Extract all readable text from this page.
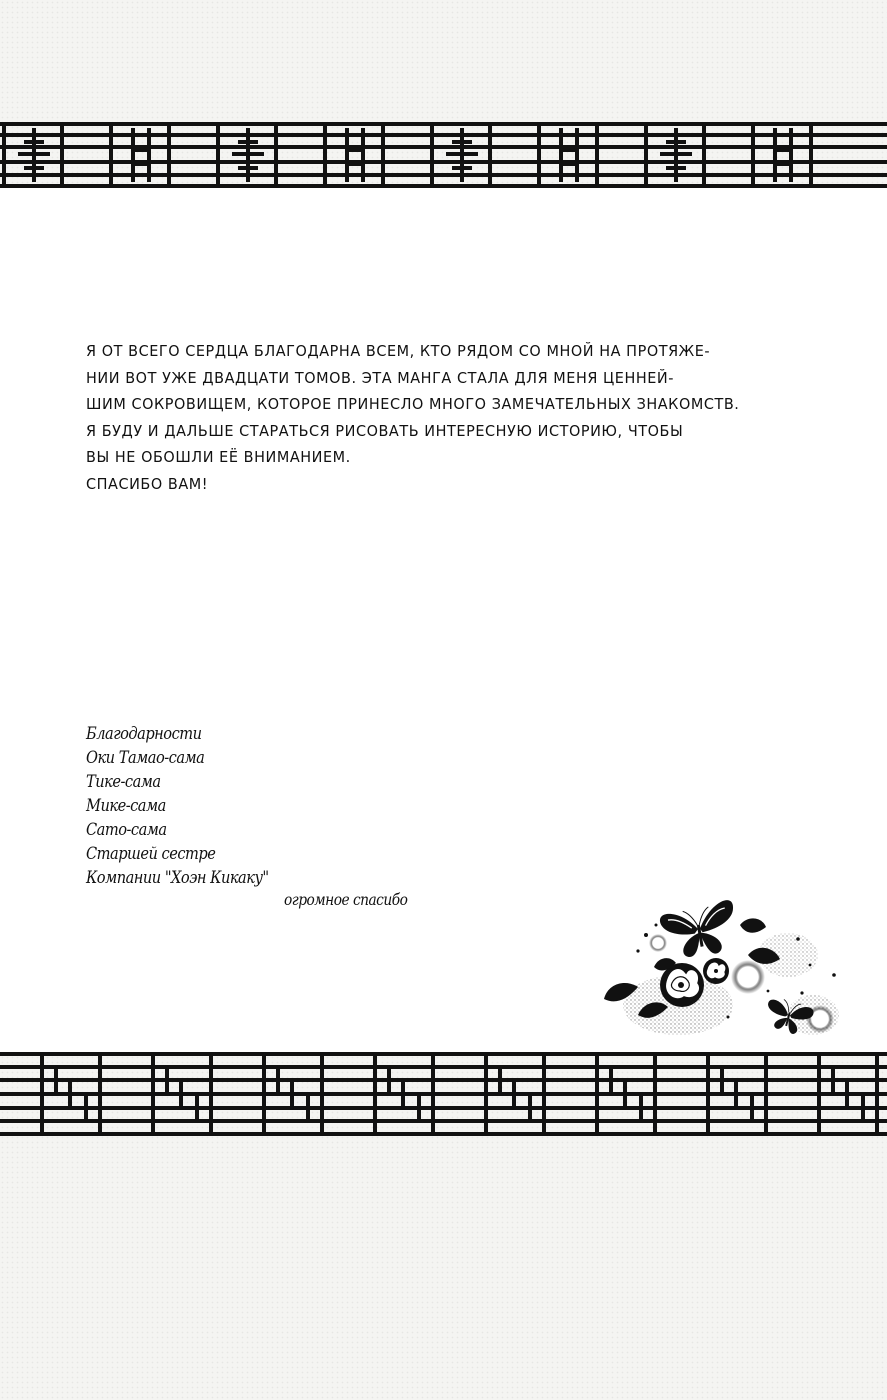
Я ОТ ВСЕГО СЕРДЦА БЛАГОДАРНА ВСЕМ, КТО РЯДОМ СО МНОЙ НА ПРОТЯЖЕ-
НИИ ВОТ УЖЕ ДВАДЦАТИ ТОМОВ. ЭТА МАНГА СТАЛА ДЛЯ МЕНЯ ЦЕННЕЙ-
ШИМ СОКРОВИЩЕМ, КОТОРОЕ ПРИНЕСЛО МНОГО ЗАМЕЧАТЕЛЬНЫХ ЗНАКОМСТВ.
Я БУДУ И ДАЛЬШЕ СТАРАТЬСЯ РИСОВАТЬ ИНТЕРЕСНУЮ ИСТОРИЮ, ЧТОБЫ
ВЫ НЕ ОБОШЛИ ЕЁ ВНИМАНИЕМ.
СПАСИБО ВАМ!
Благодарности
Оки Тамао-сама
Тике-сама
Мике-сама
Сато-сама
Старшей сестре
Компании "Хоэн Кикаку"
огромное спасибо
